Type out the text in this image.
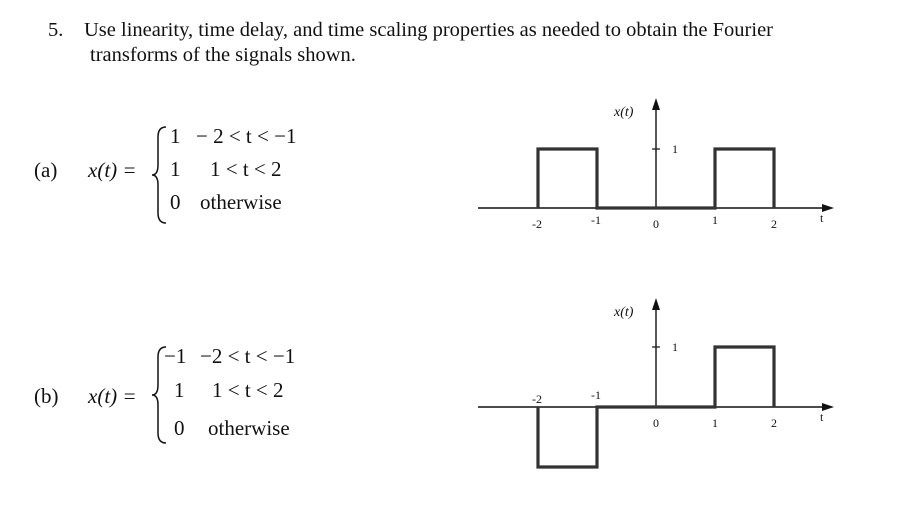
5. Use linearity, time delay, and time scaling properties as needed to obtain the Fourier
transforms of the signals shown.
(a) x(t) =
1 − 2 < t < −1
1 1 < t < 2
0 otherwise
(b) x(t) =
−1 −2 < t < −1
1 1 < t < 2
0 otherwise
x(t)
t
1
-2	-1	0	1	2
x(t)
t
1
-2	-1
0	1	2
